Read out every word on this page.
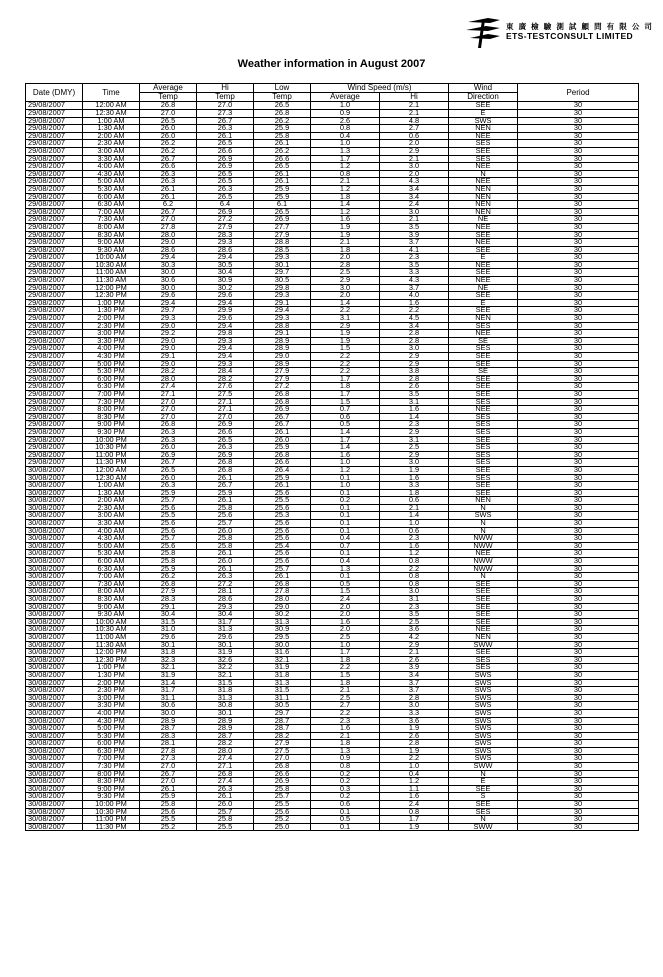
東 廣 檢 驗 測 試 顧 問 有 限 公 司
ETS-TESTCONSULT LIMITED
Weather information in August 2007
Date (DMY)	Time	Average	Hi	Low	Wind Speed (m/s)		Wind	Period
		Temp	Temp	Temp	Average	Hi	Direction	
29/08/2007	12:00 AM	26.8	27.0	26.5	1.0	2.1	SEE	30
29/08/2007	12:30 AM	27.0	27.3	26.8	0.9	2.1	E	30
29/08/2007	1:00 AM	26.5	26.7	26.2	2.6	4.8	SWS	30
29/08/2007	1:30 AM	26.0	26.3	25.9	0.8	2.7	NEN	30
29/08/2007	2:00 AM	26.0	26.1	25.8	0.4	0.6	NEE	30
29/08/2007	2:30 AM	26.2	26.5	26.1	1.0	2.0	SES	30
29/08/2007	3:00 AM	26.2	26.6	26.2	1.3	2.9	SEE	30
29/08/2007	3:30 AM	26.7	26.9	26.6	1.7	2.1	SES	30
29/08/2007	4:00 AM	26.6	26.9	26.5	1.2	3.0	NEE	30
29/08/2007	4:30 AM	26.3	26.5	26.1	0.8	2.0	N	30
29/08/2007	5:00 AM	26.3	26.5	26.1	2.1	4.3	NEE	30
29/08/2007	5:30 AM	26.1	26.3	25.9	1.2	3.4	NEN	30
29/08/2007	6:00 AM	26.1	26.5	25.9	1.8	3.4	NEN	30
29/08/2007	6:30 AM	6.2	6.4	6.1	1.4	2.4	NEN	30
29/08/2007	7:00 AM	26.7	26.9	26.5	1.2	3.0	NEN	30
29/08/2007	7:30 AM	27.0	27.2	26.9	1.6	2.1	NE	30
29/08/2007	8:00 AM	27.8	27.9	27.7	1.9	3.5	NEE	30
29/08/2007	8:30 AM	28.0	28.3	27.9	1.9	3.9	SEE	30
29/08/2007	9:00 AM	29.0	29.3	28.8	2.1	3.7	NEE	30
29/08/2007	9:30 AM	28.6	28.6	28.5	1.8	4.1	SEE	30
29/08/2007	10:00 AM	29.4	29.4	29.3	2.0	2.3	E	30
29/08/2007	10:30 AM	30.3	30.5	30.1	2.8	3.5	NEE	30
29/08/2007	11:00 AM	30.0	30.4	29.7	2.5	3.3	SEE	30
29/08/2007	11:30 AM	30.6	30.9	30.5	2.9	4.3	NEE	30
29/08/2007	12:00 PM	30.0	30.2	29.8	3.0	3.7	NE	30
29/08/2007	12:30 PM	29.6	29.6	29.3	2.0	4.0	SEE	30
29/08/2007	1:00 PM	29.4	29.4	29.1	1.4	1.6	E	30
29/08/2007	1:30 PM	29.7	29.9	29.4	2.2	2.2	SEE	30
29/08/2007	2:00 PM	29.3	29.6	29.3	3.1	4.5	NEN	30
29/08/2007	2:30 PM	29.0	29.4	28.8	2.9	3.4	SES	30
29/08/2007	3:00 PM	29.2	29.8	29.1	1.9	2.8	NEE	30
29/08/2007	3:30 PM	29.0	29.3	28.9	1.9	2.8	SE	30
29/08/2007	4:00 PM	29.0	29.4	28.9	1.5	3.0	SES	30
29/08/2007	4:30 PM	29.1	29.4	29.0	2.2	2.9	SEE	30
29/08/2007	5:00 PM	29.0	29.3	28.9	2.2	2.9	SEE	30
29/08/2007	5:30 PM	28.2	28.4	27.9	2.2	3.8	SE	30
29/08/2007	6:00 PM	28.0	28.2	27.9	1.7	2.8	SEE	30
29/08/2007	6:30 PM	27.4	27.6	27.2	1.8	2.6	SEE	30
29/08/2007	7:00 PM	27.1	27.5	26.8	1.7	3.5	SEE	30
29/08/2007	7:30 PM	27.0	27.1	26.8	1.5	3.1	SES	30
29/08/2007	8:00 PM	27.0	27.1	26.9	0.7	1.6	NEE	30
29/08/2007	8:30 PM	27.0	27.0	26.7	0.6	1.4	SES	30
29/08/2007	9:00 PM	26.8	26.9	26.7	0.5	2.3	SES	30
29/08/2007	9:30 PM	26.3	26.6	26.1	1.4	2.9	SES	30
29/08/2007	10:00 PM	26.3	26.5	26.0	1.7	3.1	SEE	30
29/08/2007	10:30 PM	26.0	26.3	25.9	1.4	2.5	SES	30
29/08/2007	11:00 PM	26.9	26.9	26.8	1.6	2.9	SES	30
29/08/2007	11:30 PM	26.7	26.8	26.6	1.0	3.0	SES	30
30/08/2007	12:00 AM	26.5	26.8	26.4	1.2	1.9	SEE	30
30/08/2007	12:30 AM	26.0	26.1	25.9	0.1	1.6	SES	30
30/08/2007	1:00 AM	26.3	26.7	26.1	1.0	3.3	SEE	30
30/08/2007	1:30 AM	25.9	25.9	25.6	0.1	1.8	SEE	30
30/08/2007	2:00 AM	25.7	26.1	25.5	0.2	0.6	NEN	30
30/08/2007	2:30 AM	25.6	25.8	25.6	0.1	2.1	N	30
30/08/2007	3:00 AM	25.5	25.6	25.3	0.1	1.4	SWS	30
30/08/2007	3:30 AM	25.6	25.7	25.6	0.1	1.0	N	30
30/08/2007	4:00 AM	25.6	26.0	25.6	0.1	0.6	N	30
30/08/2007	4:30 AM	25.7	25.8	25.6	0.4	2.3	NWW	30
30/08/2007	5:00 AM	25.6	25.8	25.4	0.7	1.6	NWW	30
30/08/2007	5:30 AM	25.8	26.1	25.6	0.1	1.2	NEE	30
30/08/2007	6:00 AM	25.8	26.0	25.6	0.4	0.8	NWW	30
30/08/2007	6:30 AM	25.9	26.1	25.7	1.3	2.2	NWW	30
30/08/2007	7:00 AM	26.2	26.3	26.1	0.1	0.8	N	30
30/08/2007	7:30 AM	26.8	27.2	26.8	0.5	0.8	SEE	30
30/08/2007	8:00 AM	27.9	28.1	27.8	1.5	3.0	SEE	30
30/08/2007	8:30 AM	28.3	28.6	28.0	2.4	3.1	SEE	30
30/08/2007	9:00 AM	29.1	29.3	29.0	2.0	2.3	SEE	30
30/08/2007	9:30 AM	30.4	30.4	30.2	2.0	3.5	SEE	30
30/08/2007	10:00 AM	31.5	31.7	31.3	1.6	2.5	SEE	30
30/08/2007	10:30 AM	31.0	31.3	30.9	2.0	3.6	NEE	30
30/08/2007	11:00 AM	29.6	29.6	29.5	2.5	4.2	NEN	30
30/08/2007	11:30 AM	30.1	30.1	30.0	1.0	2.9	SWW	30
30/08/2007	12:00 PM	31.8	31.9	31.6	1.7	2.1	SEE	30
30/08/2007	12:30 PM	32.3	32.6	32.1	1.8	2.6	SES	30
30/08/2007	1:00 PM	32.1	32.2	31.9	2.2	3.9	SES	30
30/08/2007	1:30 PM	31.9	32.1	31.8	1.5	3.4	SWS	30
30/08/2007	2:00 PM	31.4	31.5	31.3	1.8	3.7	SWS	30
30/08/2007	2:30 PM	31.7	31.8	31.5	2.1	3.7	SWS	30
30/08/2007	3:00 PM	31.1	31.3	31.1	2.5	2.8	SWS	30
30/08/2007	3:30 PM	30.6	30.8	30.5	2.7	3.0	SWS	30
30/08/2007	4:00 PM	30.0	30.1	29.7	2.2	3.3	SWS	30
30/08/2007	4:30 PM	28.9	28.9	28.7	2.3	3.6	SWS	30
30/08/2007	5:00 PM	28.7	28.9	28.7	1.6	1.9	SWS	30
30/08/2007	5:30 PM	28.3	28.7	28.2	2.1	2.6	SWS	30
30/08/2007	6:00 PM	28.1	28.2	27.9	1.8	2.8	SWS	30
30/08/2007	6:30 PM	27.8	28.0	27.5	1.3	1.9	SWS	30
30/08/2007	7:00 PM	27.3	27.4	27.0	0.9	2.2	SWS	30
30/08/2007	7:30 PM	27.0	27.1	26.8	0.8	1.0	SWW	30
30/08/2007	8:00 PM	26.7	26.8	26.6	0.2	0.4	N	30
30/08/2007	8:30 PM	27.0	27.4	26.9	0.2	1.2	E	30
30/08/2007	9:00 PM	26.1	26.3	25.8	0.3	1.1	SEE	30
30/08/2007	9:30 PM	25.9	26.1	25.7	0.2	1.6	S	30
30/08/2007	10:00 PM	25.8	26.0	25.5	0.6	2.4	SEE	30
30/08/2007	10:30 PM	25.6	25.7	25.6	0.1	0.8	SES	30
30/08/2007	11:00 PM	25.5	25.8	25.2	0.5	1.7	N	30
30/08/2007	11:30 PM	25.2	25.5	25.0	0.1	1.9	SWW	30
